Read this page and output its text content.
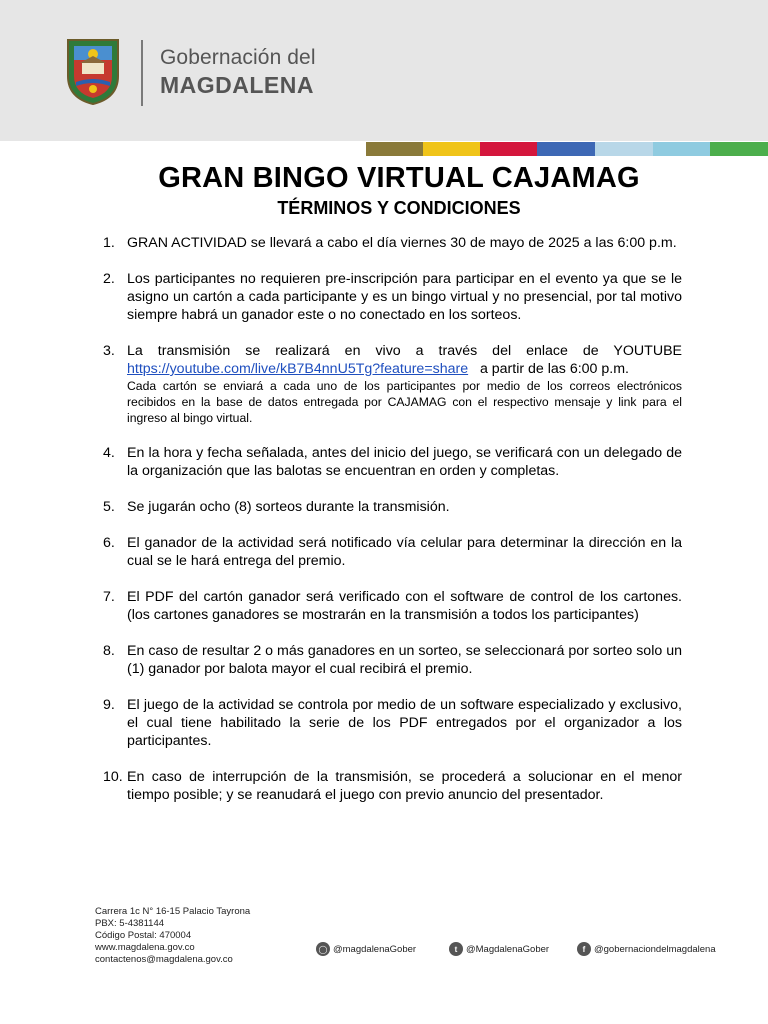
Gobernación del
MAGDALENA
GRAN BINGO VIRTUAL CAJAMAG
TÉRMINOS Y CONDICIONES
1. GRAN ACTIVIDAD se llevará a cabo el día viernes 30 de mayo de 2025 a las 6:00 p.m.
2. Los participantes no requieren pre-inscripción para participar en el evento ya que se le asigno un cartón a cada participante y es un bingo virtual y no presencial, por tal motivo siempre habrá un ganador este o no conectado en los sorteos.
3. La transmisión se realizará en vivo a través del enlace de YOUTUBE https://youtube.com/live/kB7B4nnU5Tg?feature=share a partir de las 6:00 p.m.
Cada cartón se enviará a cada uno de los participantes por medio de los correos electrónicos recibidos en la base de datos entregada por CAJAMAG con el respectivo mensaje y link para el ingreso al bingo virtual.
4. En la hora y fecha señalada, antes del inicio del juego, se verificará con un delegado de la organización que las balotas se encuentran en orden y completas.
5. Se jugarán ocho (8) sorteos durante la transmisión.
6. El ganador de la actividad será notificado vía celular para determinar la dirección en la cual se le hará entrega del premio.
7. El PDF del cartón ganador será verificado con el software de control de los cartones. (los cartones ganadores se mostrarán en la transmisión a todos los participantes)
8. En caso de resultar 2 o más ganadores en un sorteo, se seleccionará por sorteo solo un (1) ganador por balota mayor el cual recibirá el premio.
9. El juego de la actividad se controla por medio de un software especializado y exclusivo, el cual tiene habilitado la serie de los PDF entregados por el organizador a los participantes.
10. En caso de interrupción de la transmisión, se procederá a solucionar en el menor tiempo posible; y se reanudará el juego con previo anuncio del presentador.
Carrera 1c N° 16-15 Palacio Tayrona
PBX: 5-4381144
Código Postal: 470004
www.magdalena.gov.co
contactenos@magdalena.gov.co
◯ @magdalenaGober	t @MagdalenaGober	f @gobernaciondelmagdalena
